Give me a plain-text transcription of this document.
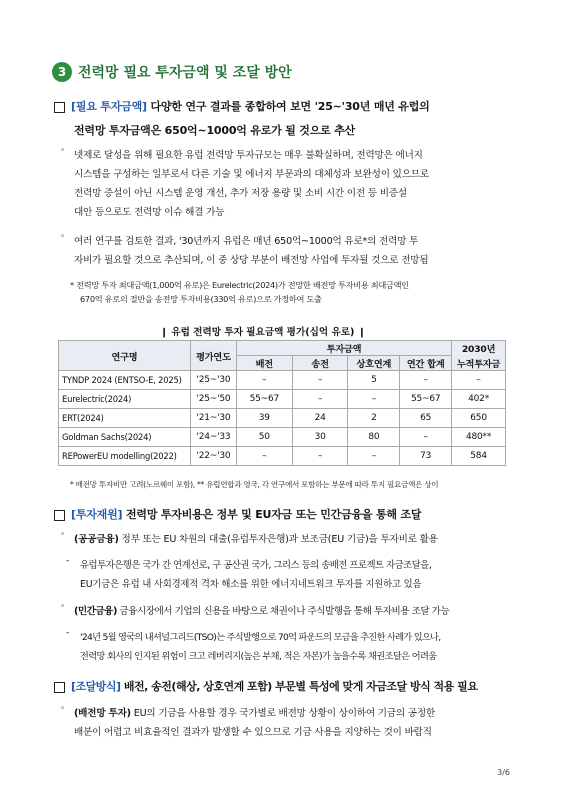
3 전력망 필요 투자금액 및 조달 방안
[필요 투자금액] 다양한 연구 결과를 종합하여 보면 '25~'30년 매년 유럽의
전력망 투자금액은 650억~1000억 유로가 될 것으로 추산
◦ 넷제로 달성을 위해 필요한 유럽 전력망 투자규모는 매우 불확실하며, 전력망은 에너지
시스템을 구성하는 일부로서 다른 기술 및 에너지 부문과의 대체성과 보완성이 있으므로
전력망 증설이 아닌 시스템 운영 개선, 추가 저장 용량 및 소비 시간 이전 등 비증설
대안 등으로도 전력망 이슈 해결 가능
◦ 여러 연구를 검토한 결과, '30년까지 유럽은 매년 650억~1000억 유로*의 전력망 투
자비가 필요할 것으로 추산되며, 이 중 상당 부분이 배전망 사업에 투자될 것으로 전망됨
* 전력망 투자 최대금액(1,000억 유로)은 Eurelectric(2024)가 전망한 배전망 투자비용 최대금액인
670억 유로의 절반을 송전망 투자비용(330억 유로)으로 가정하여 도출
❙ 유럽 전력망 투자 필요금액 평가(십억 유로) ❙
연구명	평가연도	투자금액				2030년
		배전	송전	상호연계	연간 합계	누적투자금
TYNDP 2024 (ENTSO-E, 2025)	'25~'30	–	–	5	–	–
Eurelectric(2024)	'25~'50	55~67	–	–	55~67	402*
ERT(2024)	'21~'30	39	24	2	65	650
Goldman Sachs(2024)	'24~'33	50	30	80	–	480**
REPowerEU modelling(2022)	'22~'30	–	–	–	73	584
* 배전망 투자비만 고려(노르웨이 포함), ** 유럽연합과 영국, 각 연구에서 포함하는 부문에 따라 투지 필요금액은 상이
[투자재원] 전력망 투자비용은 정부 및 EU자금 또는 민간금융을 통해 조달
◦ (공공금융) 정부 또는 EU 차원의 대출(유럽투자은행)과 보조금(EU 기금)을 투자비로 활용
- 유럽투자은행은 국가 간 연계선로, 구 공산권 국가, 그리스 등의 송배전 프로젝트 자금조달을,
EU기금은 유럽 내 사회경제적 격차 해소를 위한 에너지네트워크 투자를 지원하고 있음
◦ (민간금융) 금융시장에서 기업의 신용을 바탕으로 채권이나 주식발행을 통해 투자비용 조달 가능
- '24년 5월 영국의 내셔널그리드(TSO)는 주식발행으로 70억 파운드의 모금을 추진한 사례가 있으나,
전력망 회사의 인지된 위험이 크고 레버리지(높은 부채, 적은 자본)가 높을수록 채권조달은 어려움
[조달방식] 배전, 송전(해상, 상호연계 포함) 부문별 특성에 맞게 자금조달 방식 적용 필요
◦ (배전망 투자) EU의 기금을 사용할 경우 국가별로 배전망 상황이 상이하여 기금의 공정한
배분이 어렵고 비효율적인 결과가 발생할 수 있으므로 기금 사용을 지양하는 것이 바람직
3/6
